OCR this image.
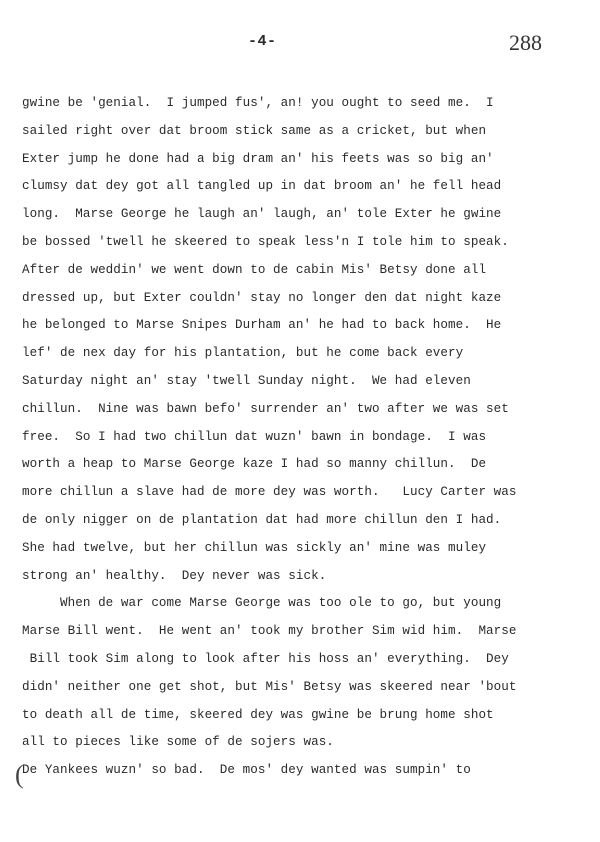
-4-	288
gwine be 'genial.  I jumped fus', an! you ought to seed me.  I
sailed right over dat broom stick same as a cricket, but when
Exter jump he done had a big dram an' his feets was so big an'
clumsy dat dey got all tangled up in dat broom an' he fell head
long.  Marse George he laugh an' laugh, an' tole Exter he gwine
be bossed 'twell he skeered to speak less'n I tole him to speak.
After de weddin' we went down to de cabin Mis' Betsy done all
dressed up, but Exter couldn' stay no longer den dat night kaze
he belonged to Marse Snipes Durham an' he had to back home.  He
lef' de nex day for his plantation, but he come back every
Saturday night an' stay 'twell Sunday night.  We had eleven
chillun.  Nine was bawn befo' surrender an' two after we was set
free.  So I had two chillun dat wuzn' bawn in bondage.  I was
worth a heap to Marse George kaze I had so manny chillun.  De
more chillun a slave had de more dey was worth.   Lucy Carter was
de only nigger on de plantation dat had more chillun den I had.
She had twelve, but her chillun was sickly an' mine was muley
strong an' healthy.  Dey never was sick.
When de war come Marse George was too ole to go, but young
Marse Bill went.  He went an' took my brother Sim wid him.  Marse
Bill took Sim along to look after his hoss an' everything.  Dey
didn' neither one get shot, but Mis' Betsy was skeered near 'bout
to death all de time, skeered dey was gwine be brung home shot
all to pieces like some of de sojers was.
De Yankees wuzn' so bad.  De mos' dey wanted was sumpin' to
(
